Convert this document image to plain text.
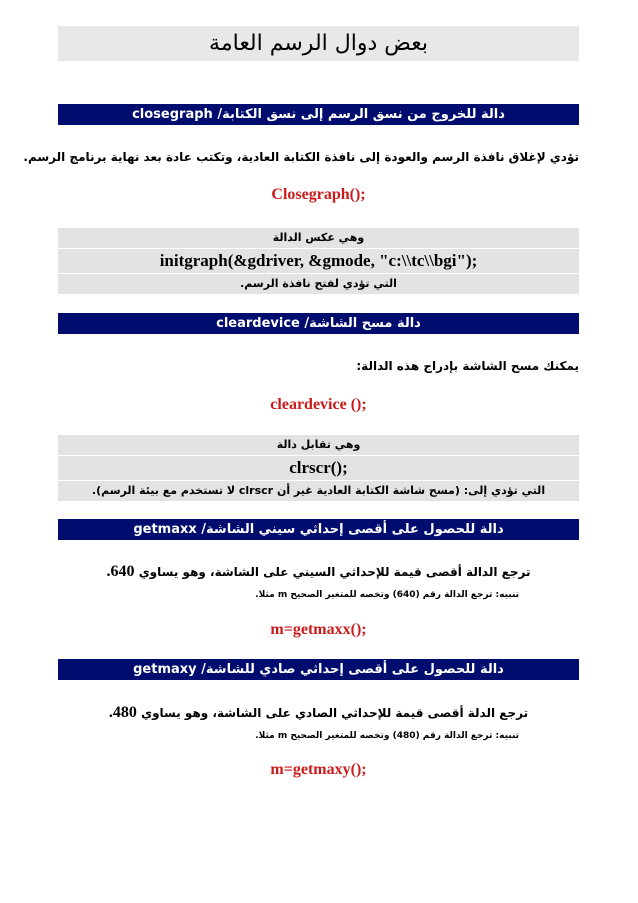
بعض دوال الرسم العامة
دالة للخروج من نسق الرسم إلى نسق الكتابة/ closegraph
تؤدي لإغلاق نافذة الرسم والعودة إلى نافذة الكتابة العادية، وتكتب عادة بعد نهاية برنامج الرسم.
Closegraph();
وهي عكس الدالة
initgraph(&gdriver, &gmode, "c:\\tc\\bgi");
التي تؤدي لفتح نافذة الرسم.
دالة مسح الشاشة/ cleardevice
يمكنك مسح الشاشة بإدراج هذه الدالة:
cleardevice ();
وهي تقابل دالة
clrscr();
التي تؤدي إلى: (مسح شاشة الكتابة العادية غير أن clrscr لا تستخدم مع بيئة الرسم).
دالة للحصول على أقصى إحداثي سيني الشاشة/ getmaxx
ترجع الدالة أقصى قيمة للإحداثي السيني على الشاشة، وهو يساوي 640.
تنبيه: ترجع الدالة رقم (640) وتخصه للمتغير الصحيح m مثلا.
m=getmaxx();
دالة للحصول على أقصى إحداثي صادي للشاشة/ getmaxy
ترجع الدلة أقصى قيمة للإحداثي الصادي على الشاشة، وهو يساوي 480.
تنبيه: ترجع الدالة رقم (480) وتخصه للمتغير الصحيح m مثلا.
m=getmaxy();
